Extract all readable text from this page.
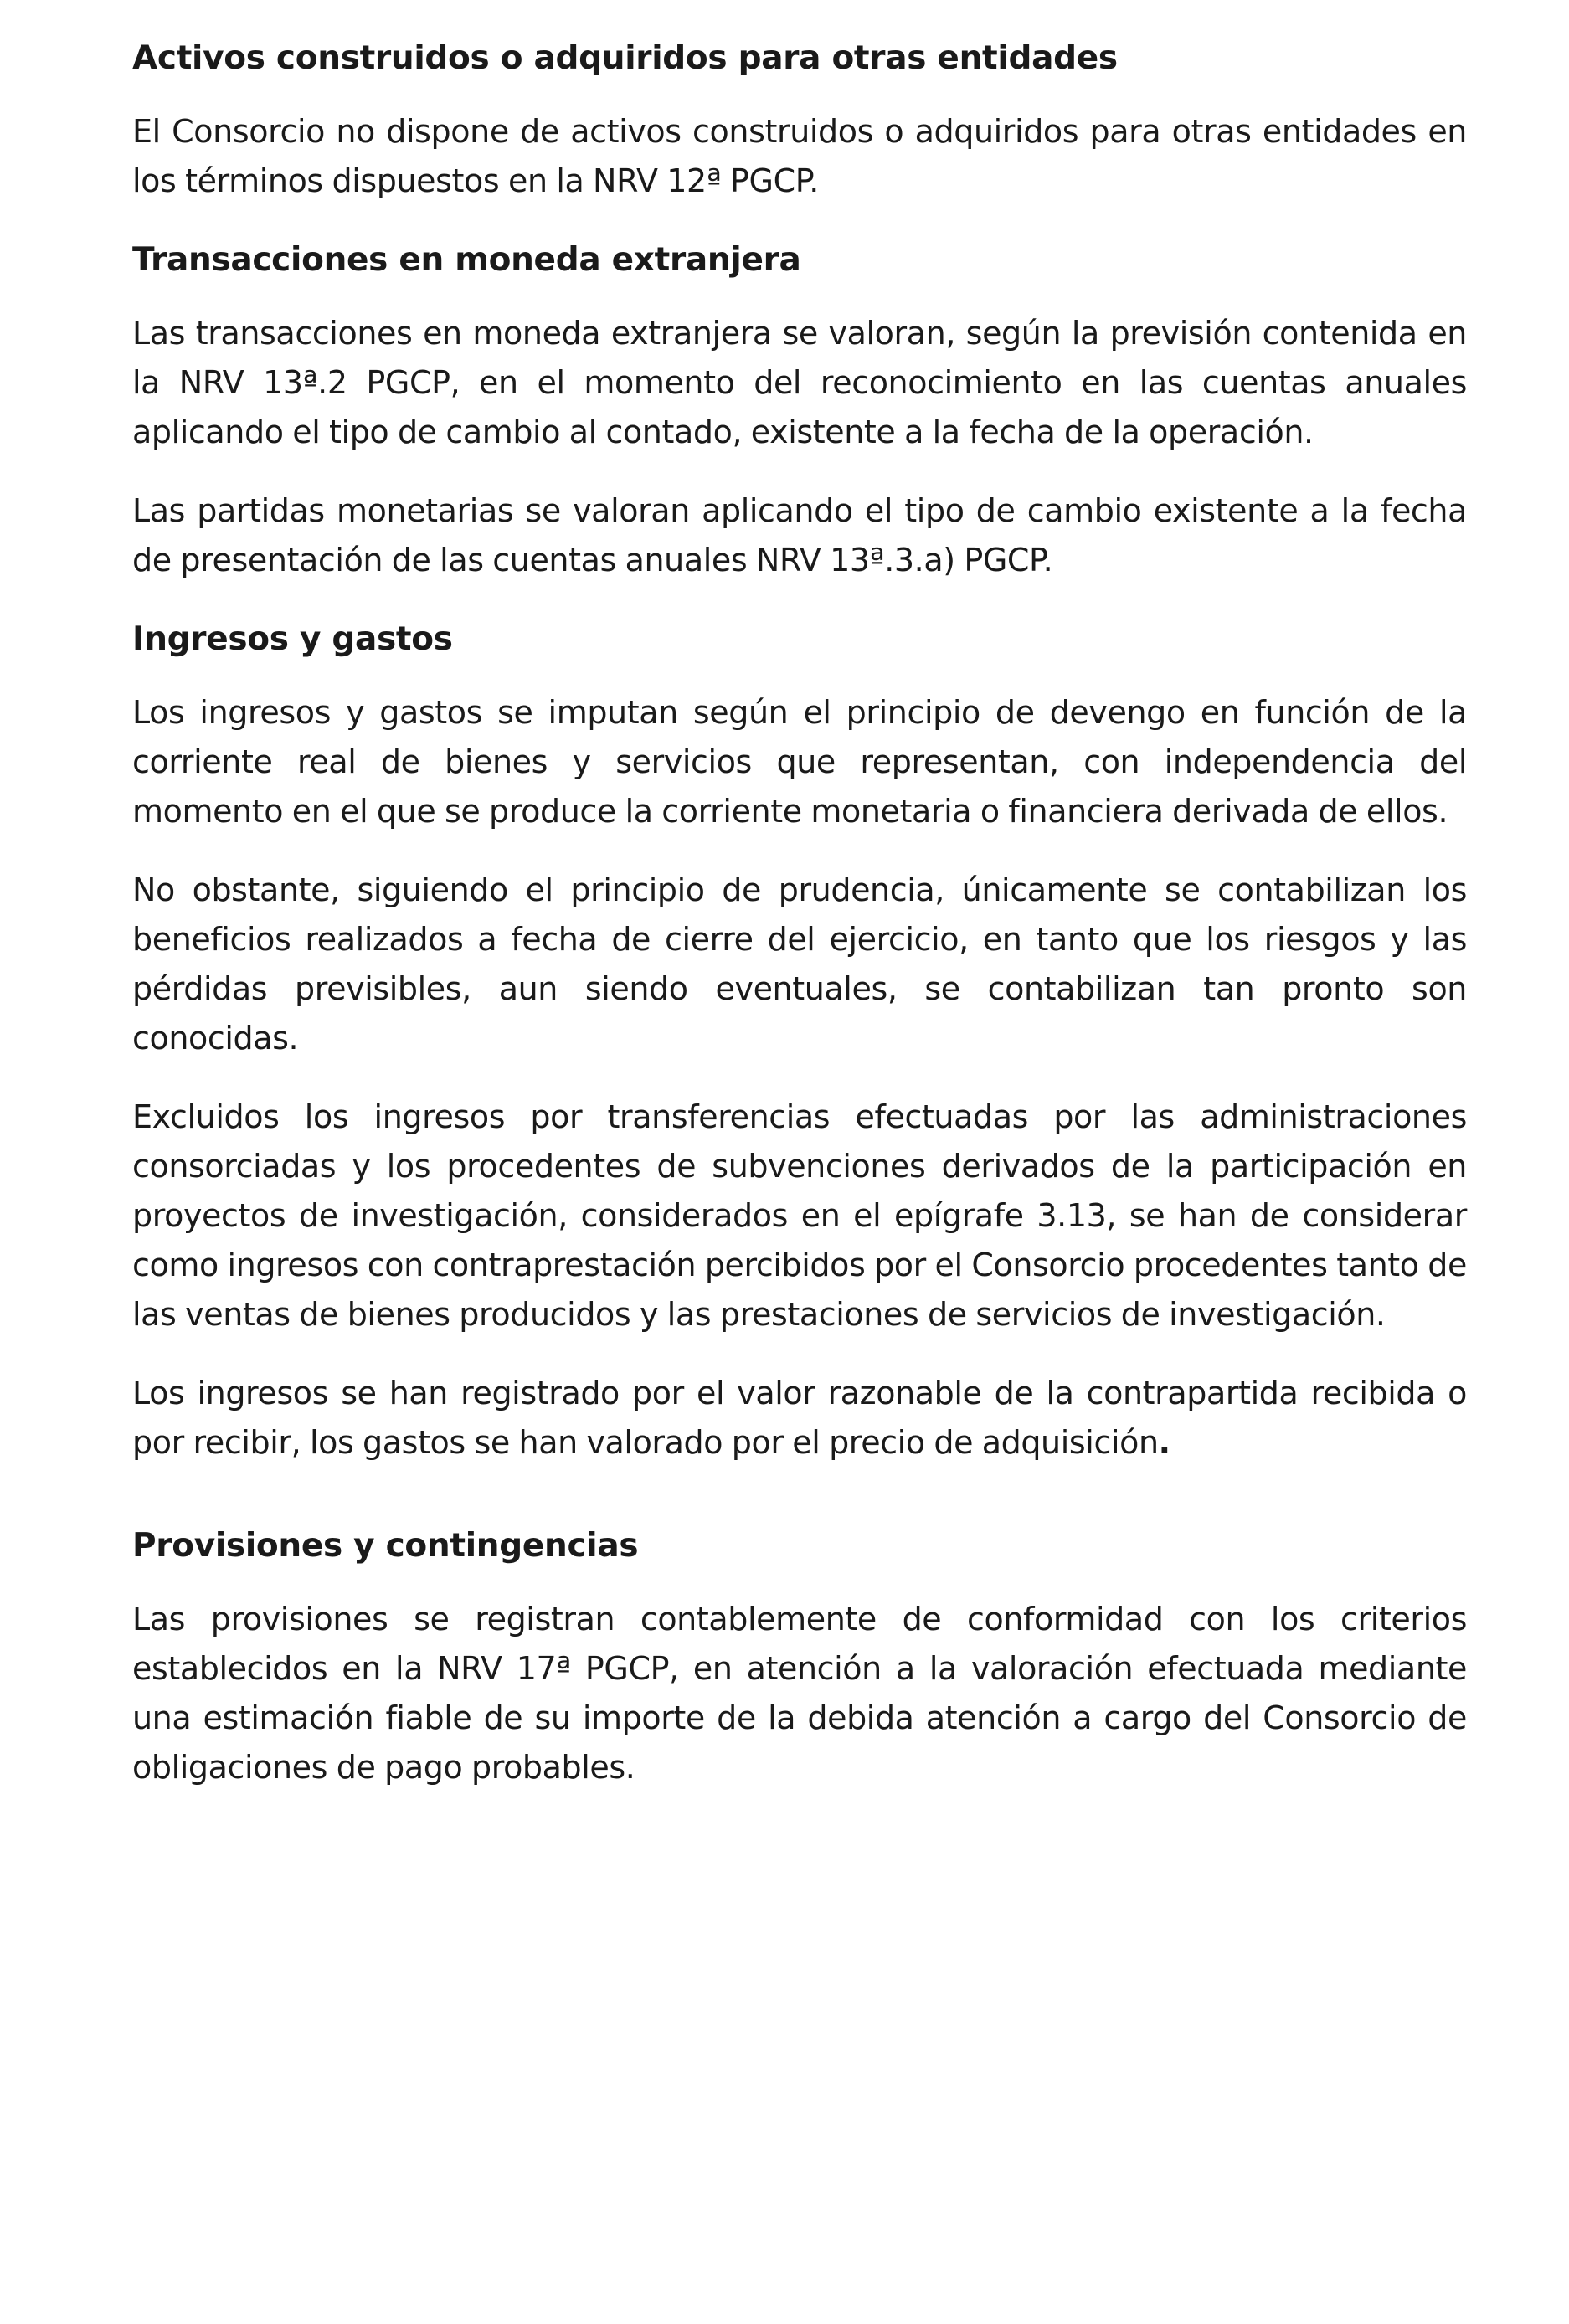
Activos construidos o adquiridos para otras entidades

El Consorcio no dispone de activos construidos o adquiridos para otras entidades en los términos dispuestos en la NRV 12ª PGCP.

Transacciones en moneda extranjera

Las transacciones en moneda extranjera se valoran, según la previsión contenida en la NRV 13ª.2 PGCP, en el momento del reconocimiento en las cuentas anuales aplicando el tipo de cambio al contado, existente a la fecha de la operación.

Las partidas monetarias se valoran aplicando el tipo de cambio existente a la fecha de presentación de las cuentas anuales NRV 13ª.3.a) PGCP.

Ingresos y gastos

Los ingresos y gastos se imputan según el principio de devengo en función de la corriente real de bienes y servicios que representan, con independencia del momento en el que se produce la corriente monetaria o financiera derivada de ellos.

No obstante, siguiendo el principio de prudencia, únicamente se contabilizan los beneficios realizados a fecha de cierre del ejercicio, en tanto que los riesgos y las pérdidas previsibles, aun siendo eventuales, se contabilizan tan pronto son conocidas.

Excluidos los ingresos por transferencias efectuadas por las administraciones consorciadas y los procedentes de subvenciones derivados de la participación en proyectos de investigación, considerados en el epígrafe 3.13, se han de considerar como ingresos con contraprestación percibidos por el Consorcio procedentes tanto de las ventas de bienes producidos y las prestaciones de servicios de investigación.

Los ingresos se han registrado por el valor razonable de la contrapartida recibida o por recibir, los gastos se han valorado por el precio de adquisición.

Provisiones y contingencias

Las provisiones se registran contablemente de conformidad con los criterios establecidos en la NRV 17ª PGCP, en atención a la valoración efectuada mediante una estimación fiable de su importe de la debida atención a cargo del Consorcio de obligaciones de pago probables.
